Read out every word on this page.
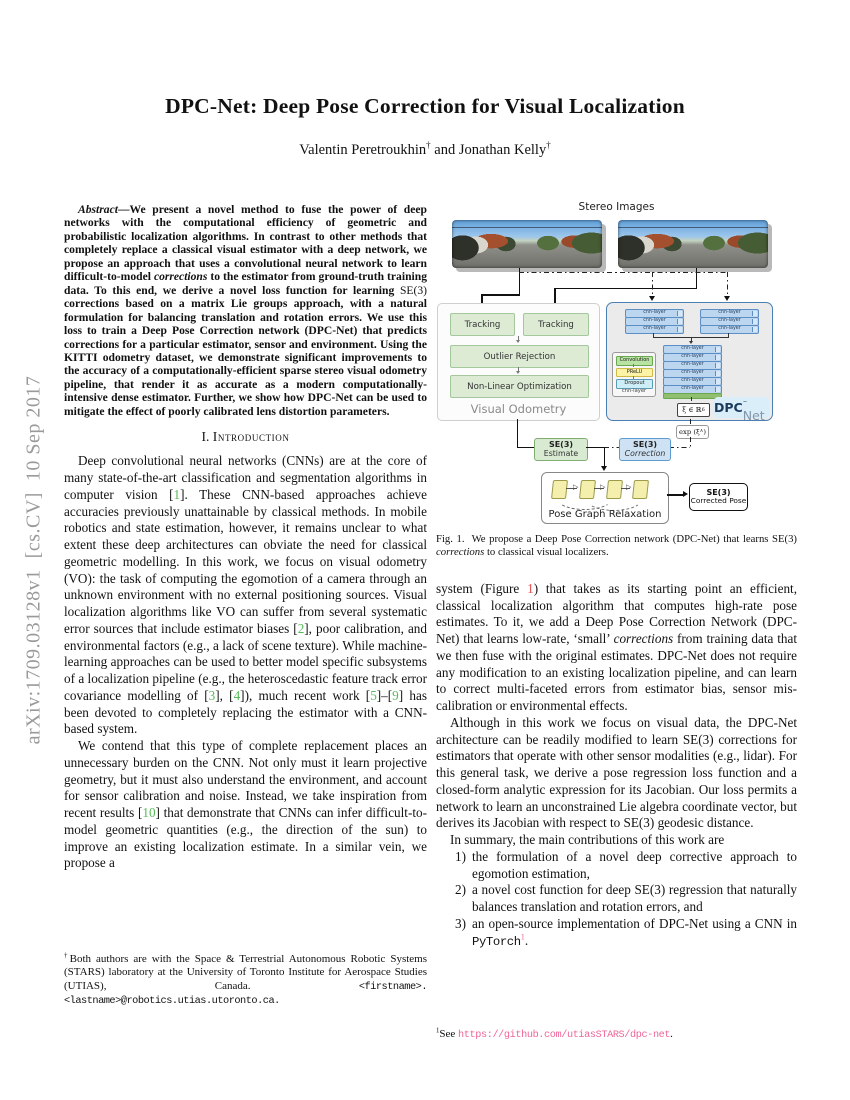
arXiv:1709.03128v1  [cs.CV]  10 Sep 2017
DPC-Net: Deep Pose Correction for Visual Localization
Valentin Peretroukhin† and Jonathan Kelly†

Abstract—We present a novel method to fuse the power of deep networks with the computational efficiency of geometric and probabilistic localization algorithms. In contrast to other methods that completely replace a classical visual estimator with a deep network, we propose an approach that uses a convolutional neural network to learn difficult-to-model corrections to the estimator from ground-truth training data. To this end, we derive a novel loss function for learning SE(3) corrections based on a matrix Lie groups approach, with a natural formulation for balancing translation and rotation errors. We use this loss to train a Deep Pose Correction network (DPC-Net) that predicts corrections for a particular estimator, sensor and environment. Using the KITTI odometry dataset, we demonstrate significant improvements to the accuracy of a computationally-efficient sparse stereo visual odometry pipeline, that render it as accurate as a modern computationally-intensive dense estimator. Further, we show how DPC-Net can be used to mitigate the effect of poorly calibrated lens distortion parameters.

I. Introduction

Deep convolutional neural networks (CNNs) are at the core of many state-of-the-art classification and segmentation algorithms in computer vision [1]. These CNN-based approaches achieve accuracies previously unattainable by classical methods. In mobile robotics and state estimation, however, it remains unclear to what extent these deep architectures can obviate the need for classical geometric modelling. In this work, we focus on visual odometry (VO): the task of computing the egomotion of a camera through an unknown environment with no external positioning sources. Visual localization algorithms like VO can suffer from several systematic error sources that include estimator biases [2], poor calibration, and environmental factors (e.g., a lack of scene texture). While machine-learning approaches can be used to better model specific subsystems of a localization pipeline (e.g., the heteroscedastic feature track error covariance modelling of [3], [4]), much recent work [5]–[9] has been devoted to completely replacing the estimator with a CNN-based system.

We contend that this type of complete replacement places an unnecessary burden on the CNN. Not only must it learn projective geometry, but it must also understand the environment, and account for sensor calibration and noise. Instead, we take inspiration from recent results [10] that demonstrate that CNNs can infer difficult-to-model geometric quantities (e.g., the direction of the sun) to improve an existing localization estimate. In a similar vein, we propose a

†Both authors are with the Space & Terrestrial Autonomous Robotic Systems (STARS) laboratory at the University of Toronto Institute for Aerospace Studies (UTIAS), Canada. <firstname>.<lastname>@robotics.utias.utoronto.ca.
Stereo Images
Tracking	Tracking
Outlier Rejection
Non-Linear Optimization
Visual Odometry
cnn-layer
cnn-layer
cnn-layer
cnn-layer
cnn-layer
cnn-layer
cnn-layer
cnn-layer
cnn-layer
cnn-layer
cnn-layer
cnn-layer
Convolution
PReLU
Dropout
cnn-layer
ξ ∈ ℝ 6 DPC -Net
exp (ξ ∧ )
SE(3)
Estimate
SE(3)
Correction
▷	▷	▷
Pose Graph Relaxation
SE(3)
Corrected Pose

Fig. 1. We propose a Deep Pose Correction network (DPC-Net) that learns SE(3) corrections to classical visual localizers.

system (Figure 1) that takes as its starting point an efficient, classical localization algorithm that computes high-rate pose estimates. To it, we add a Deep Pose Correction Network (DPC-Net) that learns low-rate, ‘small’ corrections from training data that we then fuse with the original estimates. DPC-Net does not require any modification to an existing localization pipeline, and can learn to correct multi-faceted errors from estimator bias, sensor mis-calibration or environmental effects.

Although in this work we focus on visual data, the DPC-Net architecture can be readily modified to learn SE(3) corrections for estimators that operate with other sensor modalities (e.g., lidar). For this general task, we derive a pose regression loss function and a closed-form analytic expression for its Jacobian. Our loss permits a network to learn an unconstrained Lie algebra coordinate vector, but derives its Jacobian with respect to SE(3) geodesic distance.

In summary, the main contributions of this work are

1) the formulation of a novel deep corrective approach to egomotion estimation,
2) a novel cost function for deep SE(3) regression that naturally balances translation and rotation errors, and
3) an open-source implementation of DPC-Net using a CNN in PyTorch$^1$.
$^1$See https://github.com/utiasSTARS/dpc-net.
